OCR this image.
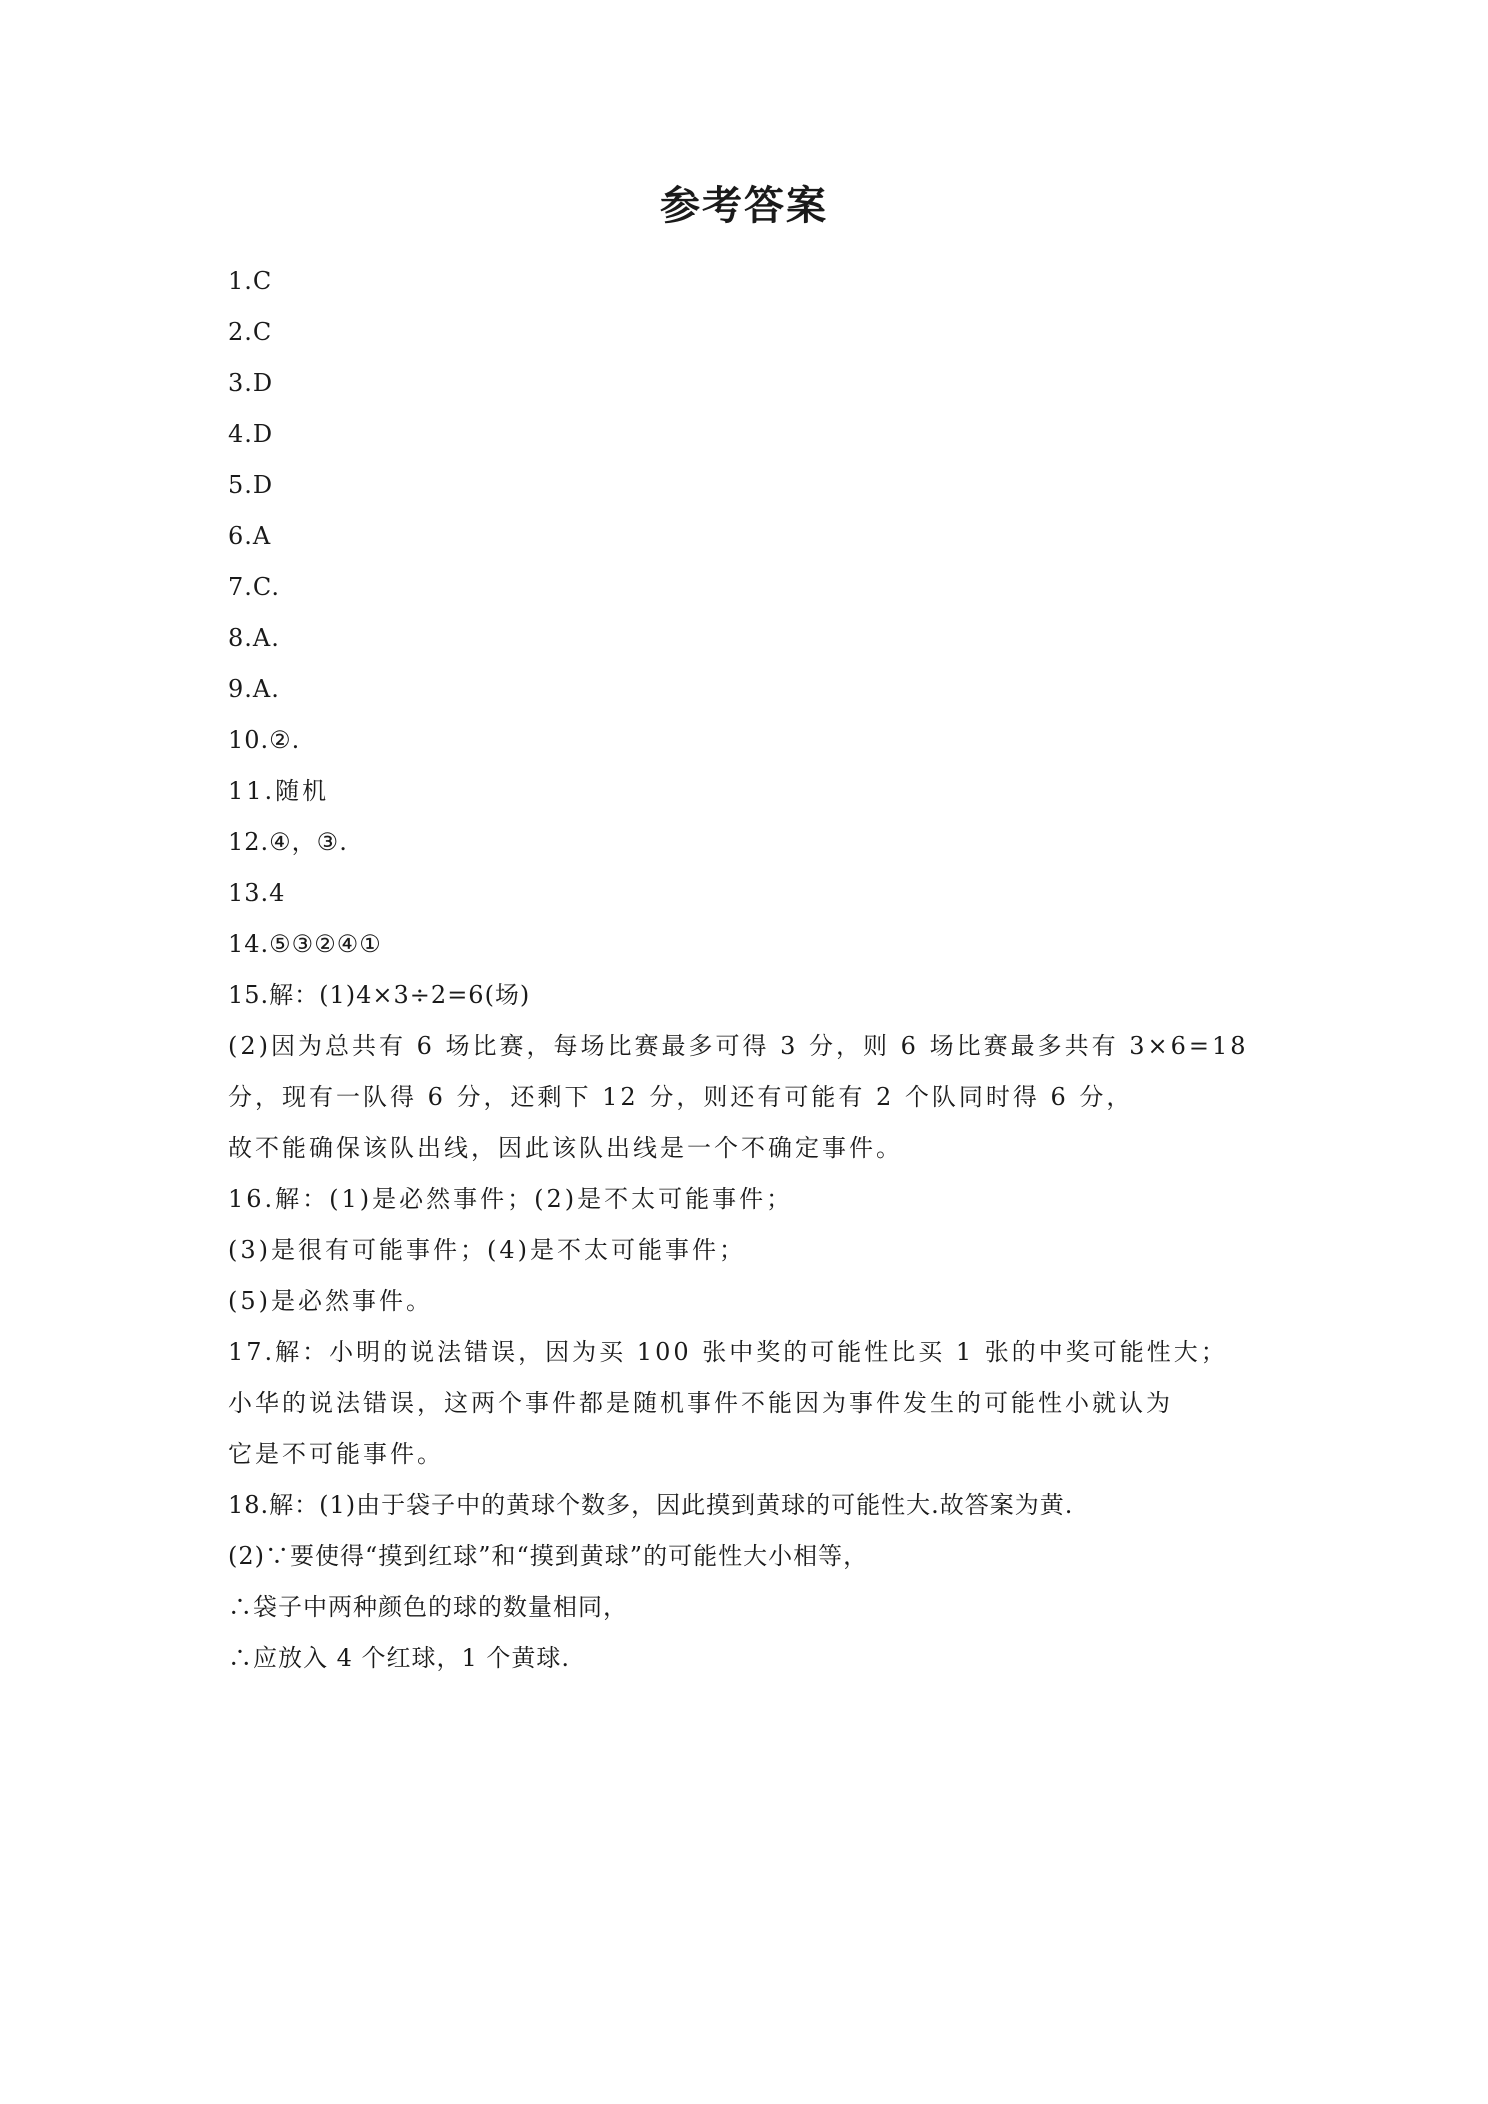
参考答案
1.C
2.C
3.D
4.D
5.D
6.A
7.C.
8.A.
9.A.
10.②.
11.随机
12.④，③.
13.4
14.⑤③②④①
15.解：(1)4×3÷2=6(场)
(2)因为总共有 6 场比赛，每场比赛最多可得 3 分，则 6 场比赛最多共有 3×6=18
分，现有一队得 6 分，还剩下 12 分，则还有可能有 2 个队同时得 6 分，
故不能确保该队出线，因此该队出线是一个不确定事件。
16.解：(1)是必然事件；(2)是不太可能事件；
(3)是很有可能事件；(4)是不太可能事件；
(5)是必然事件。
17.解：小明的说法错误，因为买 100 张中奖的可能性比买 1 张的中奖可能性大；
小华的说法错误，这两个事件都是随机事件不能因为事件发生的可能性小就认为
它是不可能事件。
18.解：(1)由于袋子中的黄球个数多，因此摸到黄球的可能性大.故答案为黄.
(2)∵要使得“摸到红球”和“摸到黄球”的可能性大小相等，
∴袋子中两种颜色的球的数量相同，
∴应放入 4 个红球，1 个黄球.
